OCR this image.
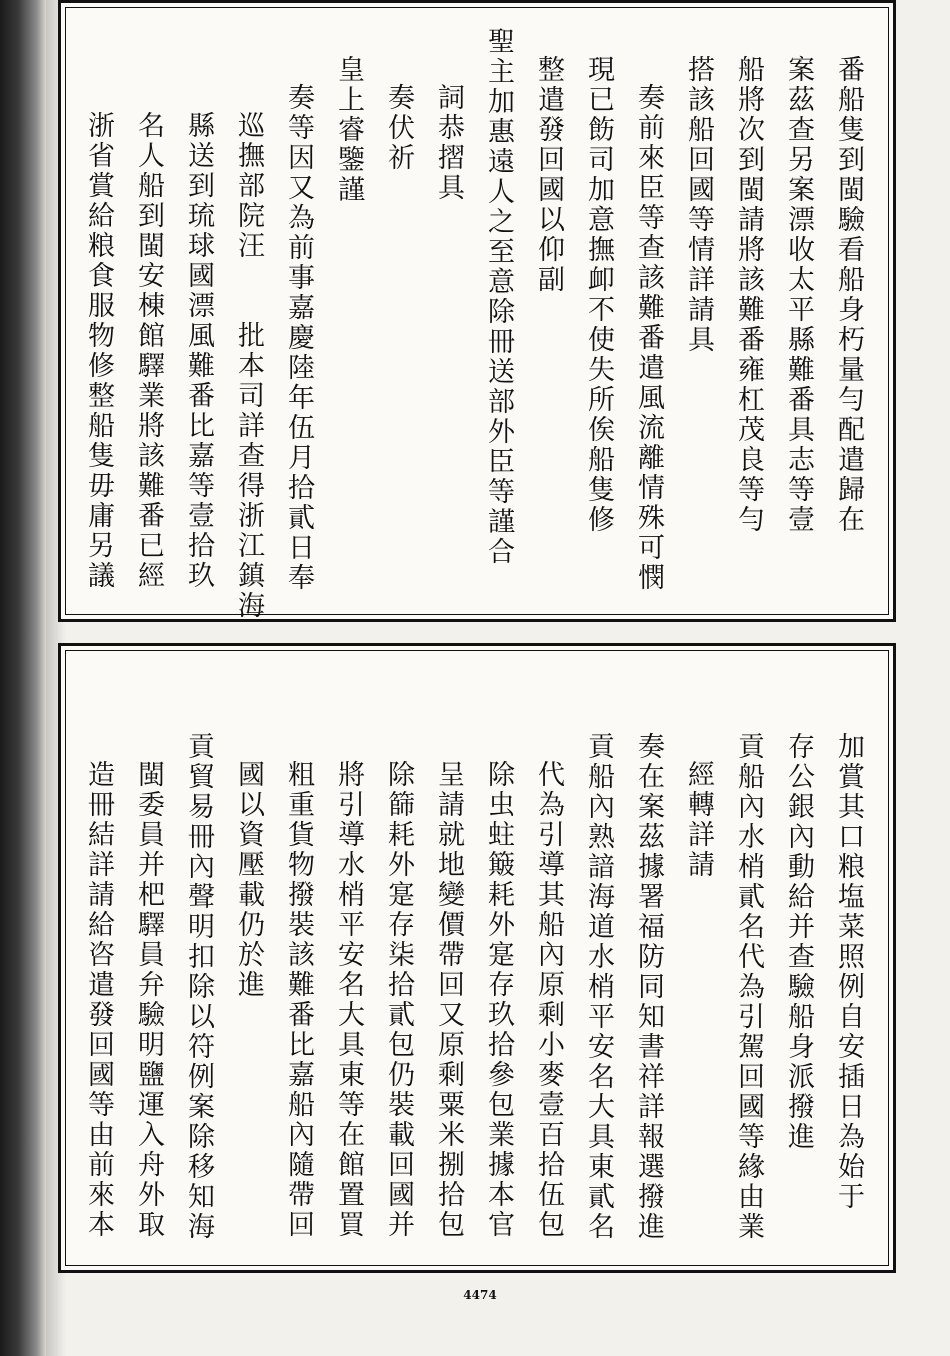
番船隻到閩驗看船身朽量勻配遣歸在
案茲查另案漂收太平縣難番具志等壹
船將次到閩請將該難番雍杠茂良等勻
搭該船回國等情詳請具
奏前來臣等查該難番遣風流離情殊可憫
現已飭司加意撫卹不使失所俟船隻修
整遣發回國以仰副
聖主加惠遠人之至意除冊送部外臣等謹合
詞恭摺具
奏伏祈
皇上睿鑒謹
奏等因又為前事嘉慶陸年伍月拾貳日奉
巡撫部院汪　　批本司詳查得浙江鎮海
縣送到琉球國漂風難番比嘉等壹拾玖
名人船到閩安棟館驛業將該難番已經
浙省賞給粮食服物修整船隻毋庸另議
加賞其口粮塩菜照例自安插日為始于
存公銀內動給并查驗船身派撥進
貢船內水梢貳名代為引駕回國等緣由業
經轉詳請
奏在案茲據署福防同知書祥詳報選撥進
貢船內熟諳海道水梢平安名大具東貳名
代為引導其船內原剩小麥壹百拾伍包
除虫蛀簸耗外寔存玖拾參包業據本官
呈請就地變價帶回又原剩粟米捌拾包
除篩耗外寔存柒拾貳包仍裝載回國并
將引導水梢平安名大具東等在館置買
粗重貨物撥裝該難番比嘉船內隨帶回
國以資壓載仍於進
貢貿易冊內聲明扣除以符例案除移知海
閩委員并杷驛員弁驗明鹽運入舟外取
造冊結詳請給咨遣發回國等由前來本
4474
